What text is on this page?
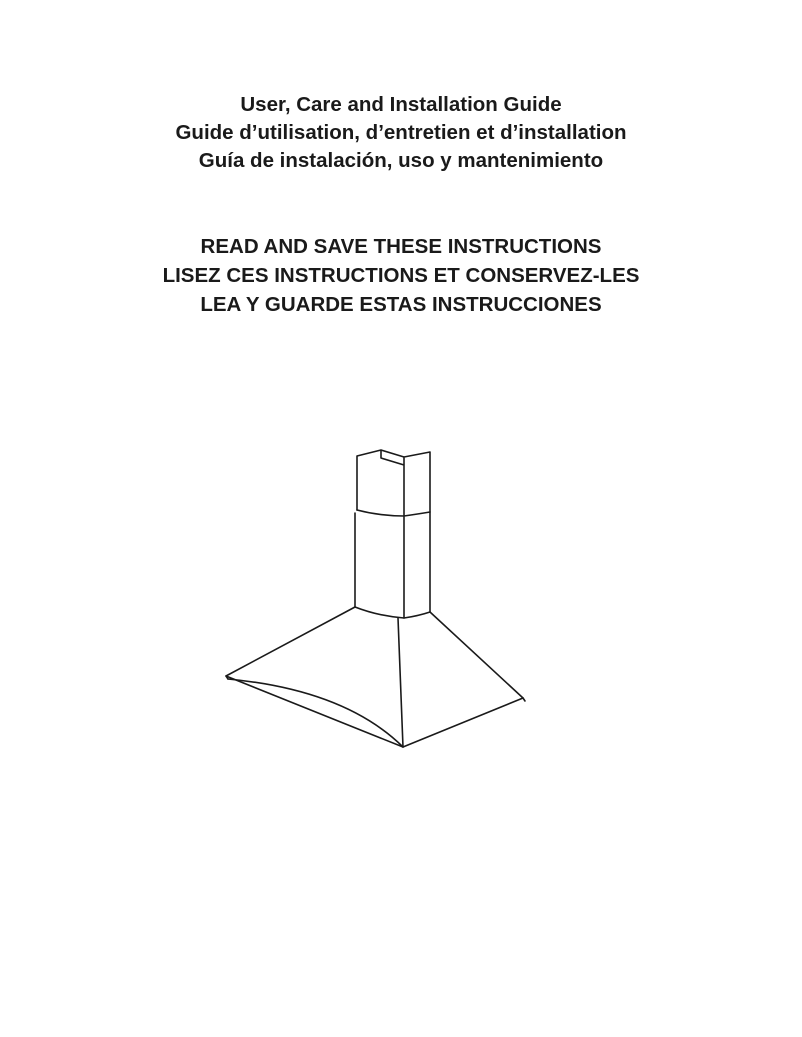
User, Care and Installation Guide
Guide d’utilisation, d’entretien et d’installation
Guía de instalación, uso y mantenimiento
READ AND SAVE THESE INSTRUCTIONS
LISEZ CES INSTRUCTIONS ET CONSERVEZ-LES
LEA Y GUARDE ESTAS INSTRUCCIONES
